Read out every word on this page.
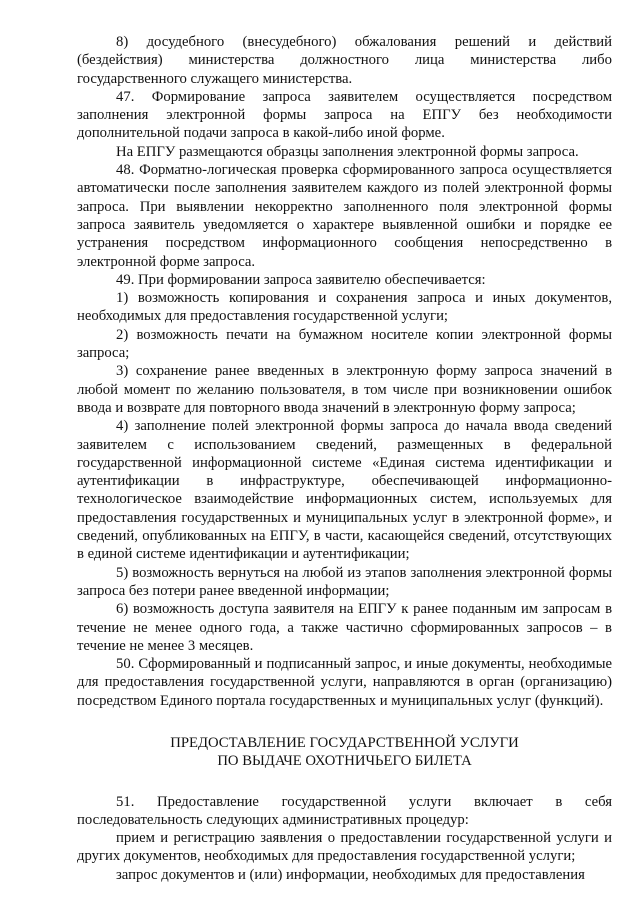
8) досудебного (внесудебного) обжалования решений и действий (бездействия) министерства должностного лица министерства либо государственного служащего министерства.

47. Формирование запроса заявителем осуществляется посредством заполнения электронной формы запроса на ЕПГУ без необходимости дополнительной подачи запроса в какой-либо иной форме.

На ЕПГУ размещаются образцы заполнения электронной формы запроса.

48. Форматно-логическая проверка сформированного запроса осуществляется автоматически после заполнения заявителем каждого из полей электронной формы запроса. При выявлении некорректно заполненного поля электронной формы запроса заявитель уведомляется о характере выявленной ошибки и порядке ее устранения посредством информационного сообщения непосредственно в электронной форме запроса.

49. При формировании запроса заявителю обеспечивается:

1) возможность копирования и сохранения запроса и иных документов, необходимых для предоставления государственной услуги;

2) возможность печати на бумажном носителе копии электронной формы запроса;

3) сохранение ранее введенных в электронную форму запроса значений в любой момент по желанию пользователя, в том числе при возникновении ошибок ввода и возврате для повторного ввода значений в электронную форму запроса;

4) заполнение полей электронной формы запроса до начала ввода сведений заявителем с использованием сведений, размещенных в федеральной государственной информационной системе «Единая система идентификации и аутентификации в инфраструктуре, обеспечивающей информационно-технологическое взаимодействие информационных систем, используемых для предоставления государственных и муниципальных услуг в электронной форме», и сведений, опубликованных на ЕПГУ, в части, касающейся сведений, отсутствующих в единой системе идентификации и аутентификации;

5) возможность вернуться на любой из этапов заполнения электронной формы запроса без потери ранее введенной информации;

6) возможность доступа заявителя на ЕПГУ к ранее поданным им запросам в течение не менее одного года, а также частично сформированных запросов – в течение не менее 3 месяцев.

50. Сформированный и подписанный запрос, и иные документы, необходимые для предоставления государственной услуги, направляются в орган (организацию) посредством Единого портала государственных и муниципальных услуг (функций).

ПРЕДОСТАВЛЕНИЕ ГОСУДАРСТВЕННОЙ УСЛУГИ
ПО ВЫДАЧЕ ОХОТНИЧЬЕГО БИЛЕТА

51. Предоставление государственной услуги включает в себя последовательность следующих административных процедур:

прием и регистрацию заявления о предоставлении государственной услуги и других документов, необходимых для предоставления государственной услуги;

запрос документов и (или) информации, необходимых для предоставления
